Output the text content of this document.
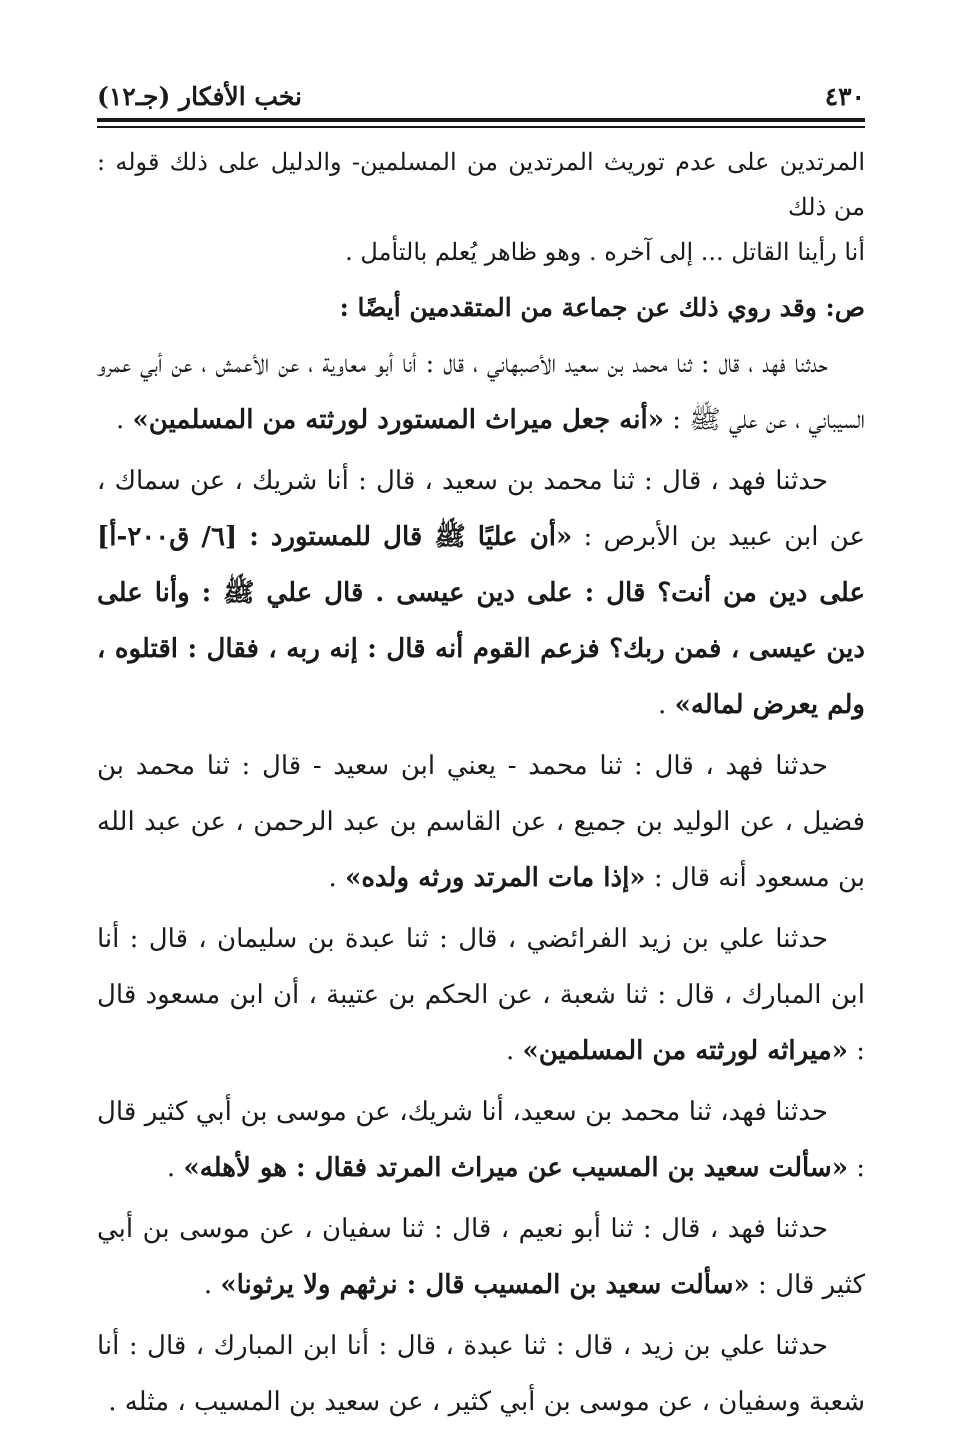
٤٣٠
نخب الأفكار (جـ١٢)

المرتدين على عدم توريث المرتدين من المسلمين- والدليل على ذلك قوله : من ذلك

أنا رأينا القاتل ... إلى آخره . وهو ظاهر يُعلم بالتأمل .

ص: وقد روي ذلك عن جماعة من المتقدمين أيضًا :

حدثنا فهد ، قال : ثنا محمد بن سعيد الأصبهاني ، قال : أنا أبو معاوية ، عن الأعمش ، عن أبي عمرو السيباني ، عن علي ﷺ : «أنه جعل ميراث المستورد لورثته من المسلمين» .

حدثنا فهد ، قال : ثنا محمد بن سعيد ، قال : أنا شريك ، عن سماك ، عن ابن عبيد بن الأبرص : «أن عليًا ﷺ قال للمستورد : [٦/ ق٢٠٠-أ] على دين من أنت؟ قال : على دين عيسى . قال علي ﷺ : وأنا على دين عيسى ، فمن ربك؟ فزعم القوم أنه قال : إنه ربه ، فقال : اقتلوه ، ولم يعرض لماله» .

حدثنا فهد ، قال : ثنا محمد - يعني ابن سعيد - قال : ثنا محمد بن فضيل ، عن الوليد بن جميع ، عن القاسم بن عبد الرحمن ، عن عبد الله بن مسعود أنه قال : «إذا مات المرتد ورثه ولده» .

حدثنا علي بن زيد الفرائضي ، قال : ثنا عبدة بن سليمان ، قال : أنا ابن المبارك ، قال : ثنا شعبة ، عن الحكم بن عتيبة ، أن ابن مسعود قال : «ميراثه لورثته من المسلمين» .

حدثنا فهد، ثنا محمد بن سعيد، أنا شريك، عن موسى بن أبي كثير قال : «سألت سعيد بن المسيب عن ميراث المرتد فقال : هو لأهله» .

حدثنا فهد ، قال : ثنا أبو نعيم ، قال : ثنا سفيان ، عن موسى بن أبي كثير قال : «سألت سعيد بن المسيب قال : نرثهم ولا يرثونا» .

حدثنا علي بن زيد ، قال : ثنا عبدة ، قال : أنا ابن المبارك ، قال : أنا شعبة وسفيان ، عن موسى بن أبي كثير ، عن سعيد بن المسيب ، مثله .
